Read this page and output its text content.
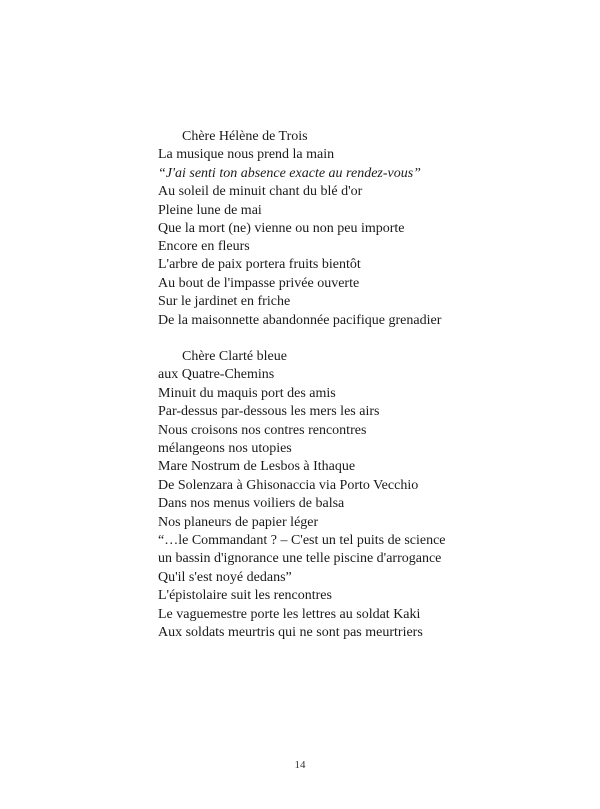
Chère Hélène de Trois
La musique nous prend la main
“J'ai senti ton absence exacte au rendez-vous”
Au soleil de minuit chant du blé d'or
Pleine lune de mai
Que la mort (ne) vienne ou non peu importe
Encore en fleurs
L'arbre de paix portera fruits bientôt
Au bout de l'impasse privée ouverte
Sur le jardinet en friche
De la maisonnette abandonnée pacifique grenadier
Chère Clarté bleue
aux Quatre-Chemins
Minuit du maquis port des amis
Par-dessus par-dessous les mers les airs
Nous croisons nos contres rencontres
mélangeons nos utopies
Mare Nostrum de Lesbos à Ithaque
De Solenzara à Ghisonaccia via Porto Vecchio
Dans nos menus voiliers de balsa
Nos planeurs de papier léger
“…le Commandant ? – C'est un tel puits de science
un bassin d'ignorance une telle piscine d'arrogance
Qu'il s'est noyé dedans”
L'épistolaire suit les rencontres
Le vaguemestre porte les lettres au soldat Kaki
Aux soldats meurtris qui ne sont pas meurtriers
14
